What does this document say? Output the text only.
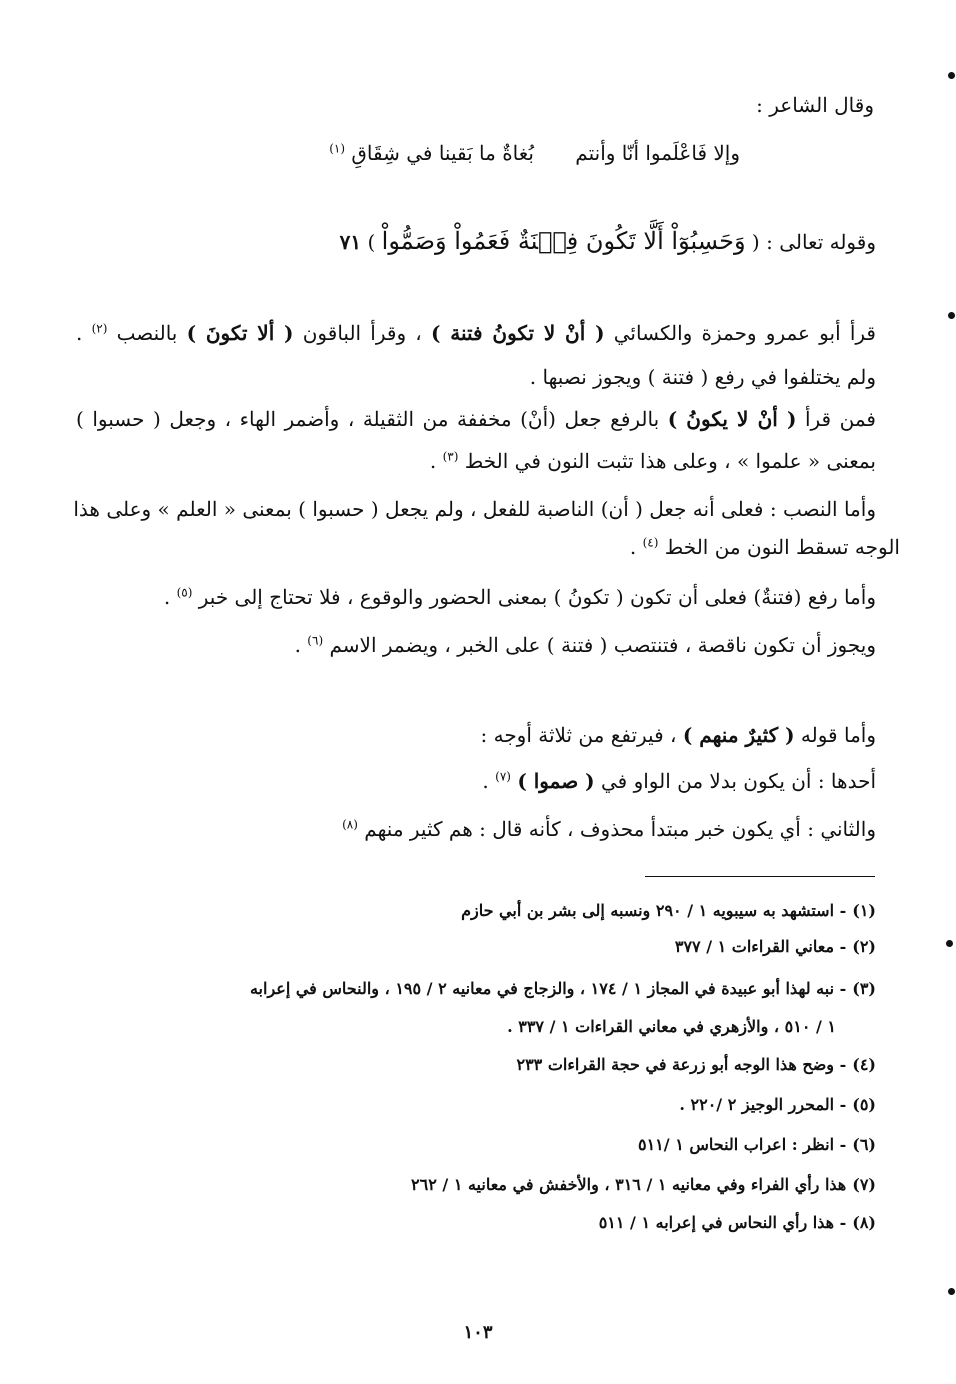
وقال الشاعر :
وإلا فَاعْلَموا أنّا وأنتم
بُغاةٌ ما بَقينا في شِقَاقِ $^{(١)}$
وقوله تعالى : ( وَحَسِبُوٓاْ أَلَّا تَكُونَ فِتۡنَةٌ فَعَمُواْ وَصَمُّواْ ) ٧١
قرأ أبو عمرو وحمزة والكسائي ( أنْ لا تكونُ فتنة ) ، وقرأ الباقون ( ألا تكونَ ) بالنصب $^{(٢)}$ .
ولم يختلفوا في رفع ( فتنة ) ويجوز نصبها .
فمن قرأ ( أنْ لا يكونُ ) بالرفع جعل (أنْ) مخففة من الثقيلة ، وأضمر الهاء ، وجعل ( حسبوا )
بمعنى « علموا » ، وعلى هذا تثبت النون في الخط $^{(٣)}$ .
وأما النصب : فعلى أنه جعل ( أن) الناصبة للفعل ، ولم يجعل ( حسبوا ) بمعنى « العلم » وعلى هذا
الوجه تسقط النون من الخط $^{(٤)}$ .
وأما رفع (فتنةٌ) فعلى أن تكون ( تكونُ ) بمعنى الحضور والوقوع ، فلا تحتاج إلى خبر $^{(٥)}$ .
ويجوز أن تكون ناقصة ، فتنتصب ( فتنة ) على الخبر ، ويضمر الاسم $^{(٦)}$ .
وأما قوله ( كثيرٌ منهم ) ، فيرتفع من ثلاثة أوجه :
أحدها : أن يكون بدلا من الواو في ( صموا ) $^{(٧)}$ .
والثاني : أي يكون خبر مبتدأ محذوف ، كأنه قال : هم كثير منهم $^{(٨)}$
(١)- استشهد به سيبويه ١ / ٢٩٠ ونسبه إلى بشر بن أبي حازم
(٢)- معاني القراءات ١ / ٣٧٧
(٣)- نبه لهذا أبو عبيدة في المجاز ١ / ١٧٤ ، والزجاج في معانيه ٢ / ١٩٥ ، والنحاس في إعرابه
١ / ٥١٠ ، والأزهري في معاني القراءات ١ / ٣٣٧ .
(٤)- وضح هذا الوجه أبو زرعة في حجة القراءات ٢٣٣
(٥)- المحرر الوجيز ٢ /٢٢٠ .
(٦)- انظر : اعراب النحاس ١ /٥١١
(٧)هذا رأي الفراء وفي معانيه ١ / ٣١٦ ، والأخفش في معانيه ١ / ٢٦٢
(٨)- هذا رأي النحاس في إعرابه ١ / ٥١١
١٠٣
